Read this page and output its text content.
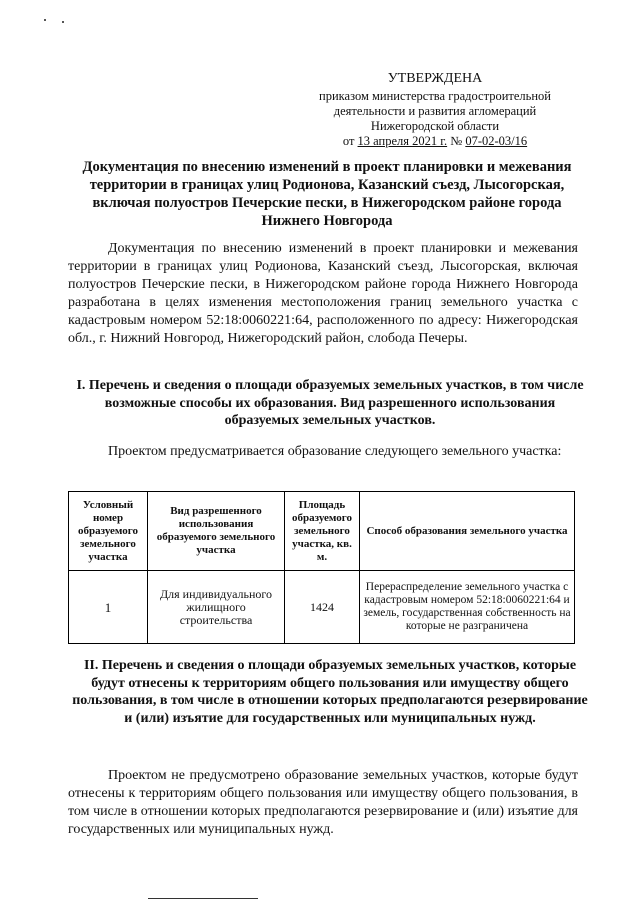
УТВЕРЖДЕНА
приказом министерства градостроительной
деятельности и развития агломераций
Нижегородской области
от 13 апреля 2021 г. № 07-02-03/16
Документация по внесению изменений в проект планировки и межевания территории в границах улиц Родионова, Казанский съезд, Лысогорская, включая полуостров Печерские пески, в Нижегородском районе города Нижнего Новгорода
Документация по внесению изменений в проект планировки и межевания территории в границах улиц Родионова, Казанский съезд, Лысогорская, включая полуостров Печерские пески, в Нижегородском районе города Нижнего Новгорода разработана в целях изменения местоположения границ земельного участка с кадастровым номером 52:18:0060221:64, расположенного по адресу: Нижегородская обл., г. Нижний Новгород, Нижегородский район, слобода Печеры.
I. Перечень и сведения о площади образуемых земельных участков, в том числе возможные способы их образования. Вид разрешенного использования образуемых земельных участков.
Проектом предусматривается образование следующего земельного участка:
Условный номер образуемого земельного участка	Вид разрешенного использования образуемого земельного участка	Площадь образуемого земельного участка, кв. м.	Способ образования земельного участка
1	Для индивидуального жилищного строительства	1424	Перераспределение земельного участка с кадастровым номером 52:18:0060221:64 и земель, государственная собственность на которые не разграничена
II. Перечень и сведения о площади образуемых земельных участков, которые будут отнесены к территориям общего пользования или имуществу общего пользования, в том числе в отношении которых предполагаются резервирование и (или) изъятие для государственных или муниципальных нужд.
Проектом не предусмотрено образование земельных участков, которые будут отнесены к территориям общего пользования или имуществу общего пользования, в том числе в отношении которых предполагаются резервирование и (или) изъятие для государственных или муниципальных нужд.
